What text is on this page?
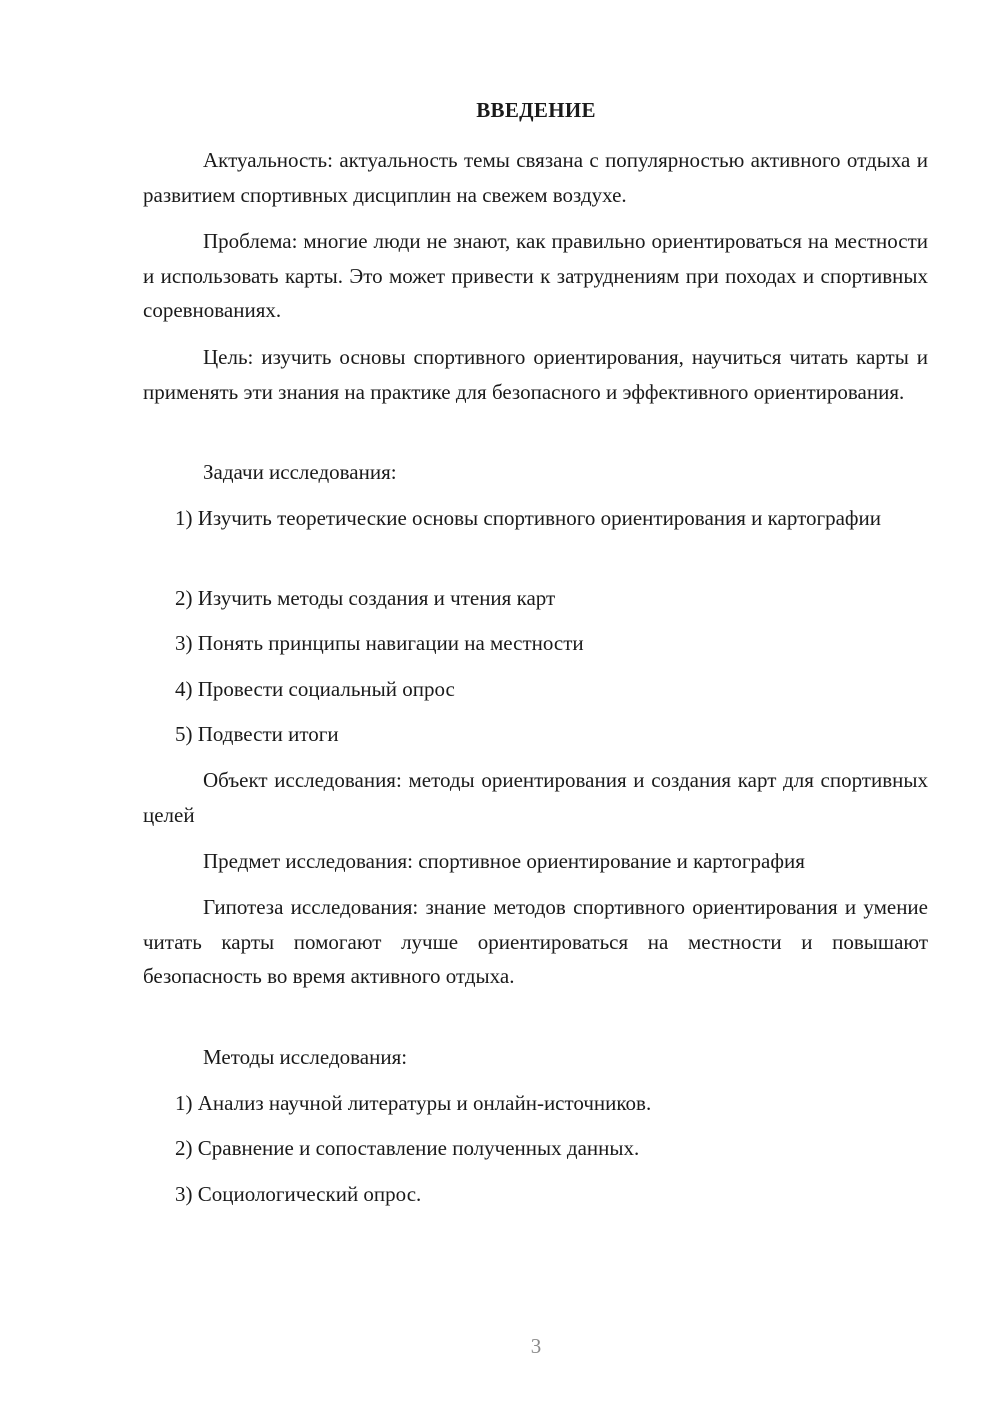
ВВЕДЕНИЕ

Актуальность: актуальность темы связана с популярностью активного отдыха и развитием спортивных дисциплин на свежем воздухе.

Проблема: многие люди не знают, как правильно ориентироваться на местности и использовать карты. Это может привести к затруднениям при походах и спортивных соревнованиях.

Цель: изучить основы спортивного ориентирования, научиться читать карты и применять эти знания на практике для безопасного и эффективного ориентирования.

Задачи исследования:

1) Изучить теоретические основы спортивного ориентирования и картографии

2) Изучить методы создания и чтения карт

3) Понять принципы навигации на местности

4) Провести социальный опрос

5) Подвести итоги

Объект исследования: методы ориентирования и создания карт для спортивных целей

Предмет исследования: спортивное ориентирование и картография

Гипотеза исследования: знание методов спортивного ориентирования и умение читать карты помогают лучше ориентироваться на местности и повышают безопасность во время активного отдыха.

Методы исследования:

1) Анализ научной литературы и онлайн-источников.

2) Сравнение и сопоставление полученных данных.

3) Социологический опрос.

3
